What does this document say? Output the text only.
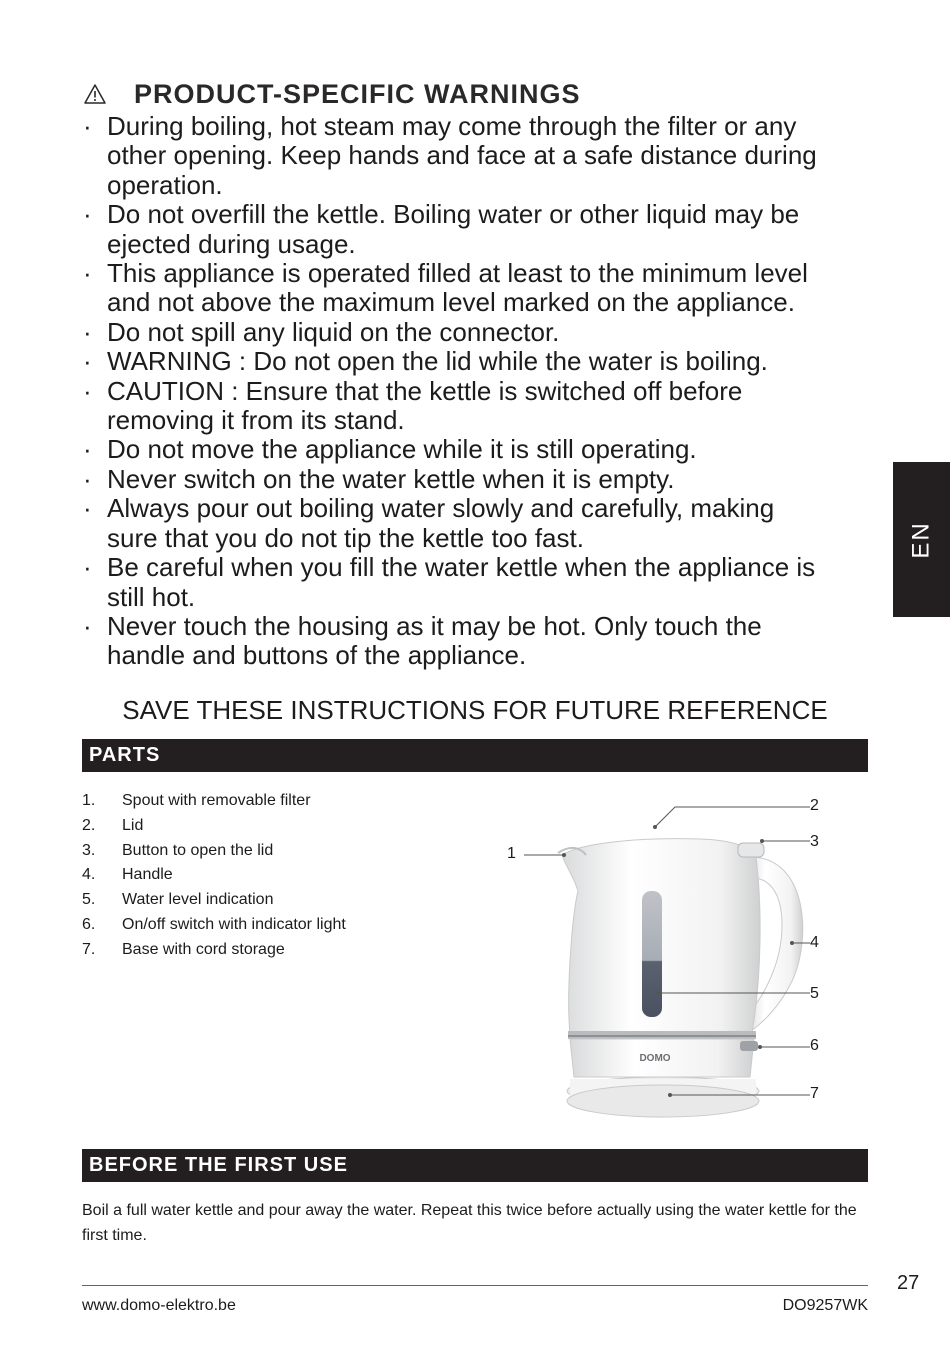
PRODUCT-SPECIFIC WARNINGS
· During boiling, hot steam may come through the filter or any
other opening. Keep hands and face at a safe distance during
operation.
· Do not overfill the kettle. Boiling water or other liquid may be
ejected during usage.
· This appliance is operated filled at least to the minimum level
and not above the maximum level marked on the appliance.
· Do not spill any liquid on the connector.
· WARNING : Do not open the lid while the water is boiling.
· CAUTION : Ensure that the kettle is switched off before
removing it from its stand.
· Do not move the appliance while it is still operating.
· Never switch on the water kettle when it is empty.
· Always pour out boiling water slowly and carefully, making
sure that you do not tip the kettle too fast.
· Be careful when you fill the water kettle when the appliance is
still hot.
· Never touch the housing as it may be hot. Only touch the
handle and buttons of the appliance.
SAVE THESE INSTRUCTIONS FOR FUTURE REFERENCE
PARTS
1.	Spout with removable filter
2.	Lid
3.	Button to open the lid
4.	Handle
5.	Water level indication
6.	On/off switch with indicator light
7.	Base with cord storage
DOMO
1
2
3
4
5
6
7
BEFORE THE FIRST USE
Boil a full water kettle and pour away the water. Repeat this twice before actually using the water kettle for the first time.
EN
27
www.domo-elektro.be	DO9257WK
